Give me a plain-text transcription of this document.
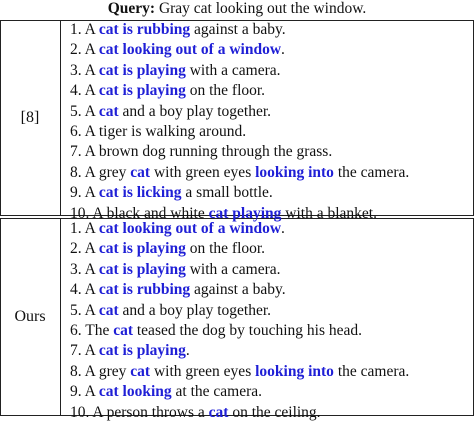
Query: Gray cat looking out the window.
[8]
1. A cat is rubbing against a baby.
2. A cat looking out of a window.
3. A cat is playing with a camera.
4. A cat is playing on the floor.
5. A cat and a boy play together.
6. A tiger is walking around.
7. A brown dog running through the grass.
8. A grey cat with green eyes looking into the camera.
9. A cat is licking a small bottle.
10. A black and white cat playing with a blanket.
Ours
1. A cat looking out of a window.
2. A cat is playing on the floor.
3. A cat is playing with a camera.
4. A cat is rubbing against a baby.
5. A cat and a boy play together.
6. The cat teased the dog by touching his head.
7. A cat is playing.
8. A grey cat with green eyes looking into the camera.
9. A cat looking at the camera.
10. A person throws a cat on the ceiling.
